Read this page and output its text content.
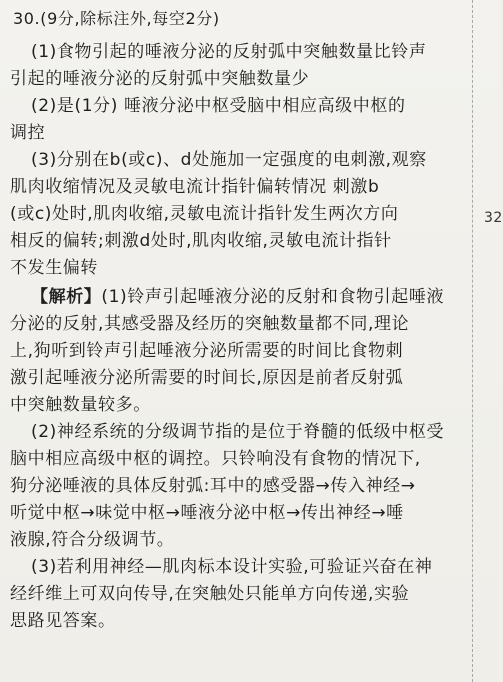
32
30.(9分,除标注外,每空2分)
(1)食物引起的唾液分泌的反射弧中突触数量比铃声
引起的唾液分泌的反射弧中突触数量少
(2)是(1分) 唾液分泌中枢受脑中相应高级中枢的
调控
(3)分别在b(或c)、d处施加一定强度的电刺激,观察
肌肉收缩情况及灵敏电流计指针偏转情况 刺激b
(或c)处时,肌肉收缩,灵敏电流计指针发生两次方向
相反的偏转;刺激d处时,肌肉收缩,灵敏电流计指针
不发生偏转
【解析】(1)铃声引起唾液分泌的反射和食物引起唾液
分泌的反射,其感受器及经历的突触数量都不同,理论
上,狗听到铃声引起唾液分泌所需要的时间比食物刺
激引起唾液分泌所需要的时间长,原因是前者反射弧
中突触数量较多。
(2)神经系统的分级调节指的是位于脊髓的低级中枢受
脑中相应高级中枢的调控。只铃响没有食物的情况下,
狗分泌唾液的具体反射弧:耳中的感受器→传入神经→
听觉中枢→味觉中枢→唾液分泌中枢→传出神经→唾
液腺,符合分级调节。
(3)若利用神经—肌肉标本设计实验,可验证兴奋在神
经纤维上可双向传导,在突触处只能单方向传递,实验
思路见答案。
